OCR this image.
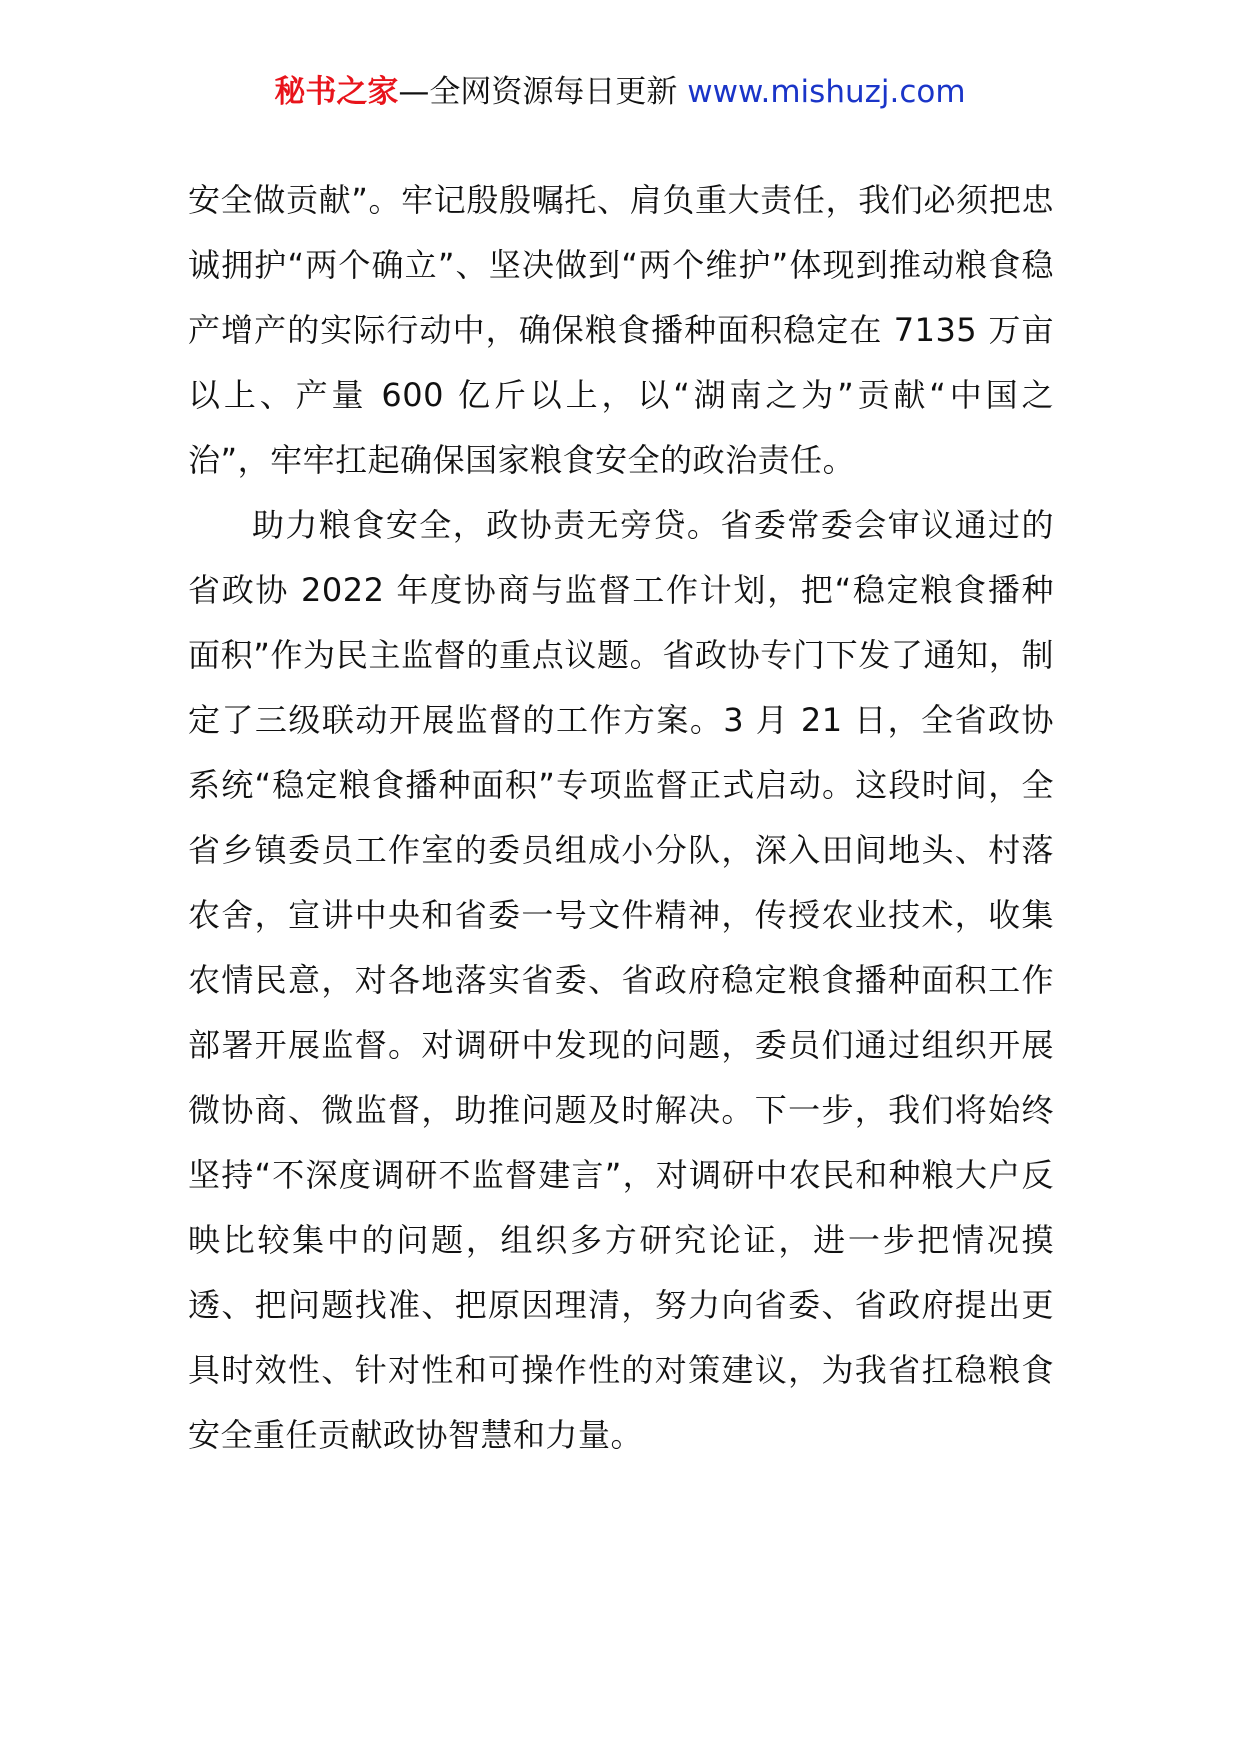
秘书之家—全网资源每日更新 www.mishuzj.com

安全做贡献”。牢记殷殷嘱托、肩负重大责任，我们必须把忠诚拥护“两个确立”、坚决做到“两个维护”体现到推动粮食稳产增产的实际行动中，确保粮食播种面积稳定在 7135 万亩以上、产量 600 亿斤以上，以“湖南之为”贡献“中国之治”，牢牢扛起确保国家粮食安全的政治责任。

助力粮食安全，政协责无旁贷。省委常委会审议通过的省政协 2022 年度协商与监督工作计划，把“稳定粮食播种面积”作为民主监督的重点议题。省政协专门下发了通知，制定了三级联动开展监督的工作方案。3 月 21 日，全省政协系统“稳定粮食播种面积”专项监督正式启动。这段时间，全省乡镇委员工作室的委员组成小分队，深入田间地头、村落农舍，宣讲中央和省委一号文件精神，传授农业技术，收集农情民意，对各地落实省委、省政府稳定粮食播种面积工作部署开展监督。对调研中发现的问题，委员们通过组织开展微协商、微监督，助推问题及时解决。下一步，我们将始终坚持“不深度调研不监督建言”，对调研中农民和种粮大户反映比较集中的问题，组织多方研究论证，进一步把情况摸透、把问题找准、把原因理清，努力向省委、省政府提出更具时效性、针对性和可操作性的对策建议，为我省扛稳粮食安全重任贡献政协智慧和力量。
